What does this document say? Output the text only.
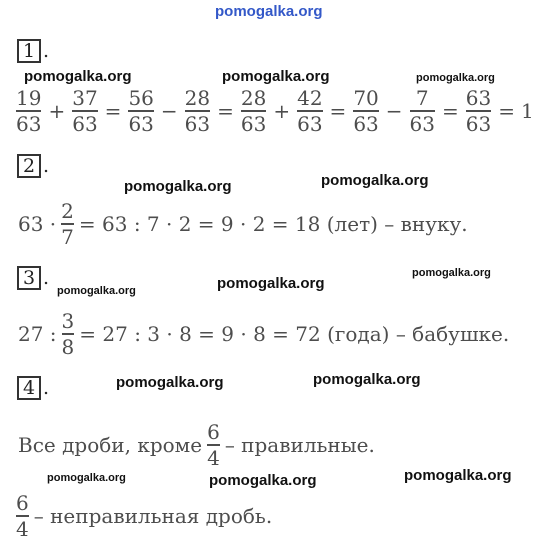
pomogalka.org
pomogalka.org	pomogalka.org	pomogalka.org
pomogalka.org	pomogalka.org
pomogalka.org
pomogalka.org
pomogalka.org
pomogalka.org	pomogalka.org
pomogalka.org	pomogalka.org	pomogalka.org
1 .
2 .
3 .
4 .
$\frac{19}{63} + \frac{37}{63} = \frac{56}{63} - \frac{28}{63} = \frac{28}{63} + \frac{42}{63} = \frac{70}{63} - \frac{7}{63} = \frac{63}{63} = 1$
$63 \cdot \frac{2}{7} = 63$ : 7 · 2 = 9 · 2 = 18 (лет) – внуку.
27 : $\frac{3}{8} = 27$ : 3 · 8 = 9 · 8 = 72 (года) – бабушке.
Все дроби, кроме $\frac{6}{4}$ – правильные.
$\frac{6}{4}$ – неправильная дробь.
